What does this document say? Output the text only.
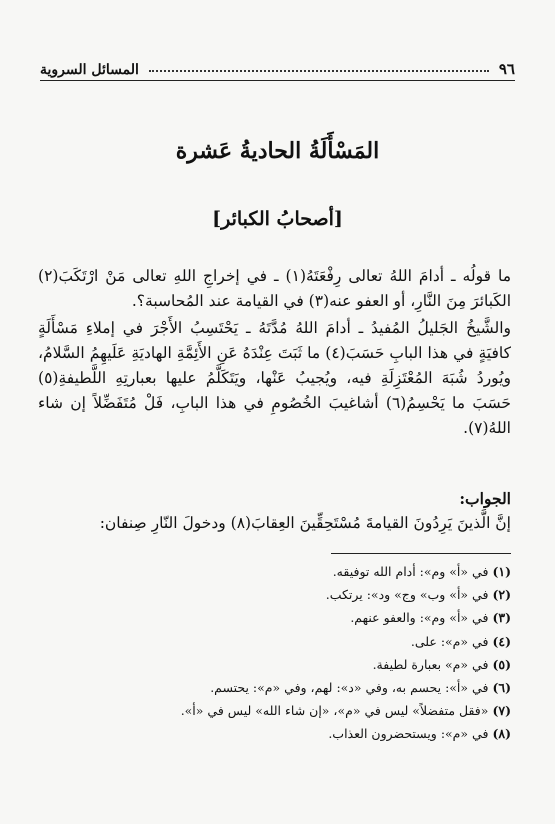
٩٦
المسائل السروية
المَسْأَلَةُ الحاديةُ عَشرة
[أصحابُ الكبائر]

ما قولُه ـ أدامَ اللهُ تعالى رِفْعَتَهُ(١) ـ في إخراجِ اللهِ تعالى مَنْ ارْتَكَبَ(٢) الكَبائرَ مِنَ النَّارِ، أو العفو عنه(٣) في القيامة عند المُحاسبة؟.

والشَّيخُ الجَليلُ المُفيدُ ـ أدامَ اللهُ مُدَّتَهُ ـ يَحْتَسِبُ الأَجْرَ في إملاءِ مَسْأَلَةٍ كافيَةٍ في هذا البابِ حَسَبَ(٤) ما ثَبَتَ عِنْدَهُ عَنِ الأَئِمَّةِ الهاديَةِ عَلَيهِمُ السَّلامُ، ويُوردُ شُبَهَ المُعْتَزِلَةِ فيه، ويُجيبُ عَنْها، ويَتَكَلَّمُ عليها بعبارتِهِ اللَّطيفةِ(٥) حَسَبَ ما يَحْسِمُ(٦) أشاغيبَ الخُصُومِ في هذا البابِ، فَلْ مُتَفَضِّلاً إن شاء اللهُ(٧).

الجواب:
إنَّ الَّذينَ يَرِدُونَ القيامةَ مُسْتَحِقِّينَ العِقابَ(٨) ودخولَ النّارِ صِنفان:
(١)في «أ» وم»: أدام الله توفيقه.
(٢)في «أ» وب» وج» ود»: يرتكب.
(٣)في «أ» وم»: والعفو عنهم.
(٤)في «م»: على.
(٥)في «م» بعبارة لطيفة.
(٦)في «أ»: يحسم به، وفي «د»: لهم، وفي «م»: يحتسم.
(٧)«فقل متفضلاً» ليس في «م»، «إن شاء الله» ليس في «أ».
(٨)في «م»: ويستحضرون العذاب.
